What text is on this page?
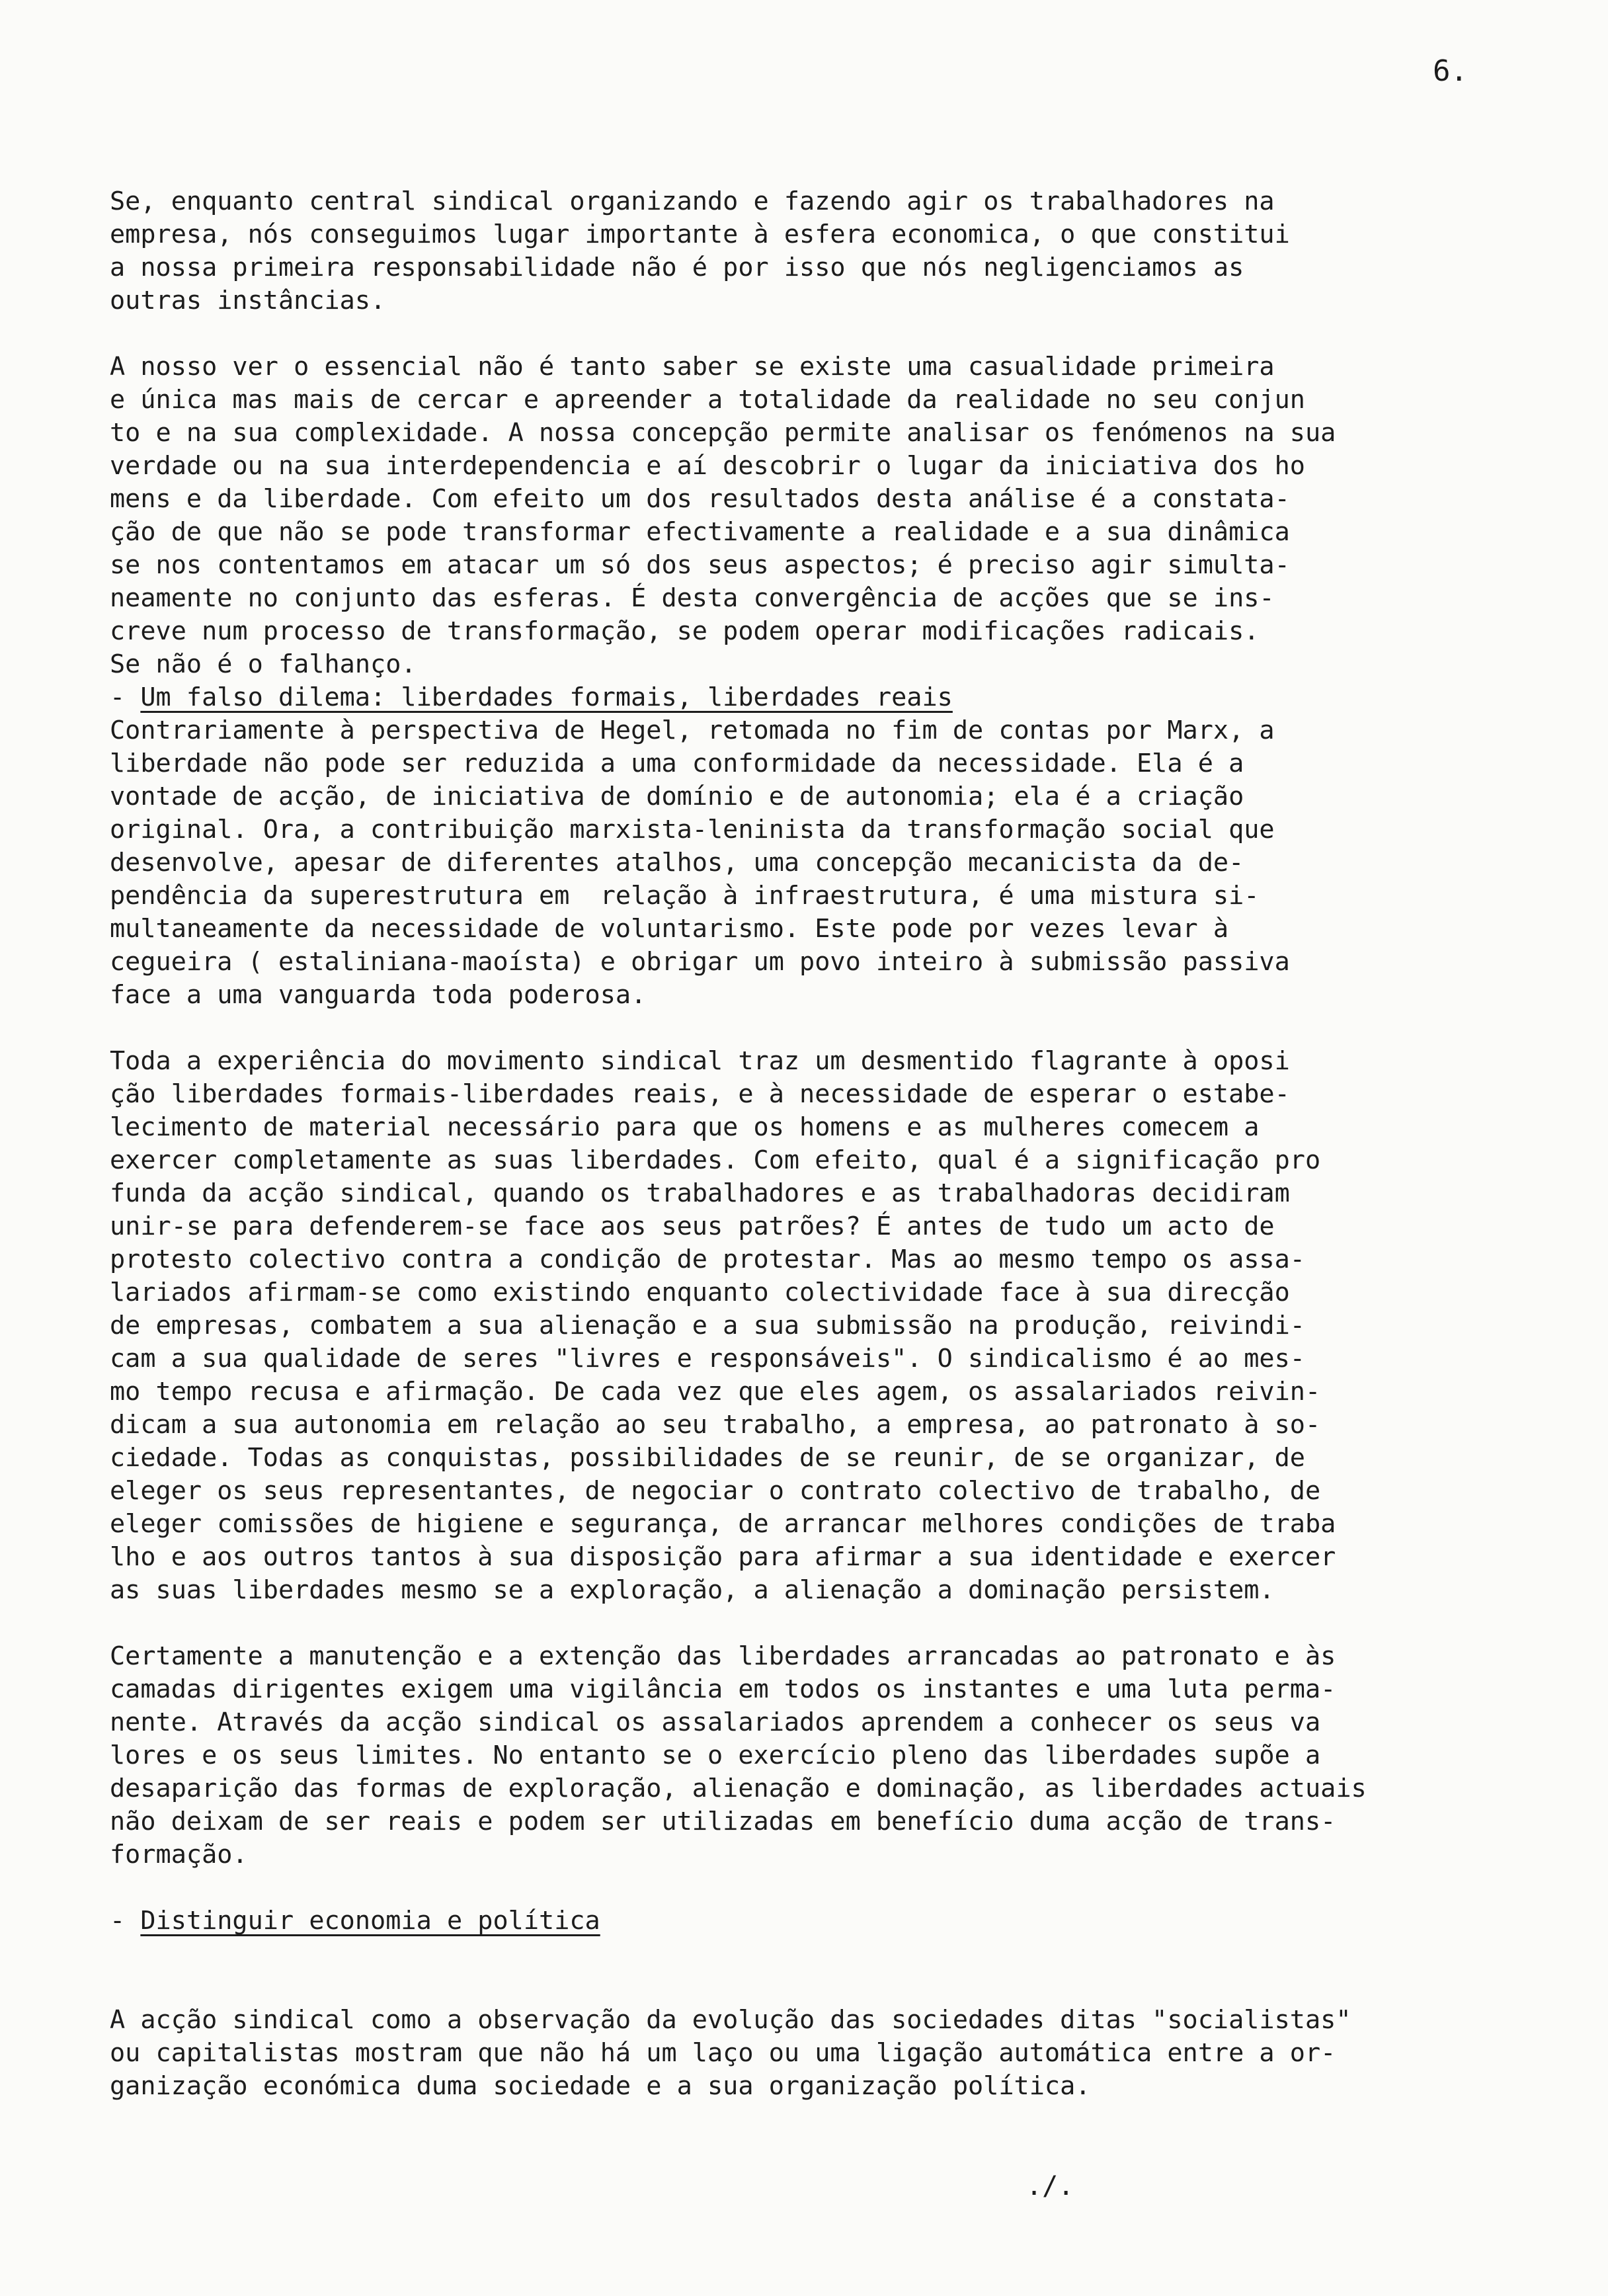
6.

Se, enquanto central sindical organizando e fazendo agir os trabalhadores na
empresa, nós conseguimos lugar importante à esfera economica, o que constitui
a nossa primeira responsabilidade não é por isso que nós negligenciamos as
outras instâncias.

A nosso ver o essencial não é tanto saber se existe uma casualidade primeira
e única mas mais de cercar e apreender a totalidade da realidade no seu conjun
to e na sua complexidade. A nossa concepção permite analisar os fenómenos na sua
verdade ou na sua interdependencia e aí descobrir o lugar da iniciativa dos ho
mens e da liberdade. Com efeito um dos resultados desta análise é a constata-
ção de que não se pode transformar efectivamente a realidade e a sua dinâmica
se nos contentamos em atacar um só dos seus aspectos; é preciso agir simulta-
neamente no conjunto das esferas. É desta convergência de acções que se ins-
creve num processo de transformação, se podem operar modificações radicais.
Se não é o falhanço.

- Um falso dilema: liberdades formais, liberdades reais

Contrariamente à perspectiva de Hegel, retomada no fim de contas por Marx, a
liberdade não pode ser reduzida a uma conformidade da necessidade. Ela é a
vontade de acção, de iniciativa de domínio e de autonomia; ela é a criação
original. Ora, a contribuição marxista-leninista da transformação social que
desenvolve, apesar de diferentes atalhos, uma concepção mecanicista da de-
pendência da superestrutura em  relação à infraestrutura, é uma mistura si-
multaneamente da necessidade de voluntarismo. Este pode por vezes levar à
cegueira ( estaliniana-maoísta) e obrigar um povo inteiro à submissão passiva
face a uma vanguarda toda poderosa.

Toda a experiência do movimento sindical traz um desmentido flagrante à oposi
ção liberdades formais-liberdades reais, e à necessidade de esperar o estabe-
lecimento de material necessário para que os homens e as mulheres comecem a
exercer completamente as suas liberdades. Com efeito, qual é a significação pro
funda da acção sindical, quando os trabalhadores e as trabalhadoras decidiram
unir-se para defenderem-se face aos seus patrões? É antes de tudo um acto de
protesto colectivo contra a condição de protestar. Mas ao mesmo tempo os assa-
lariados afirmam-se como existindo enquanto colectividade face à sua direcção
de empresas, combatem a sua alienação e a sua submissão na produção, reivindi-
cam a sua qualidade de seres "livres e responsáveis". O sindicalismo é ao mes-
mo tempo recusa e afirmação. De cada vez que eles agem, os assalariados reivin-
dicam a sua autonomia em relação ao seu trabalho, a empresa, ao patronato à so-
ciedade. Todas as conquistas, possibilidades de se reunir, de se organizar, de
eleger os seus representantes, de negociar o contrato colectivo de trabalho, de
eleger comissões de higiene e segurança, de arrancar melhores condições de traba
lho e aos outros tantos à sua disposição para afirmar a sua identidade e exercer
as suas liberdades mesmo se a exploração, a alienação a dominação persistem.

Certamente a manutenção e a extenção das liberdades arrancadas ao patronato e às
camadas dirigentes exigem uma vigilância em todos os instantes e uma luta perma-
nente. Através da acção sindical os assalariados aprendem a conhecer os seus va
lores e os seus limites. No entanto se o exercício pleno das liberdades supõe a
desaparição das formas de exploração, alienação e dominação, as liberdades actuais
não deixam de ser reais e podem ser utilizadas em benefício duma acção de trans-
formação.

- Distinguir economia e política

A acção sindical como a observação da evolução das sociedades ditas "socialistas"
ou capitalistas mostram que não há um laço ou uma ligação automática entre a or-
ganização económica duma sociedade e a sua organização política.

./.
